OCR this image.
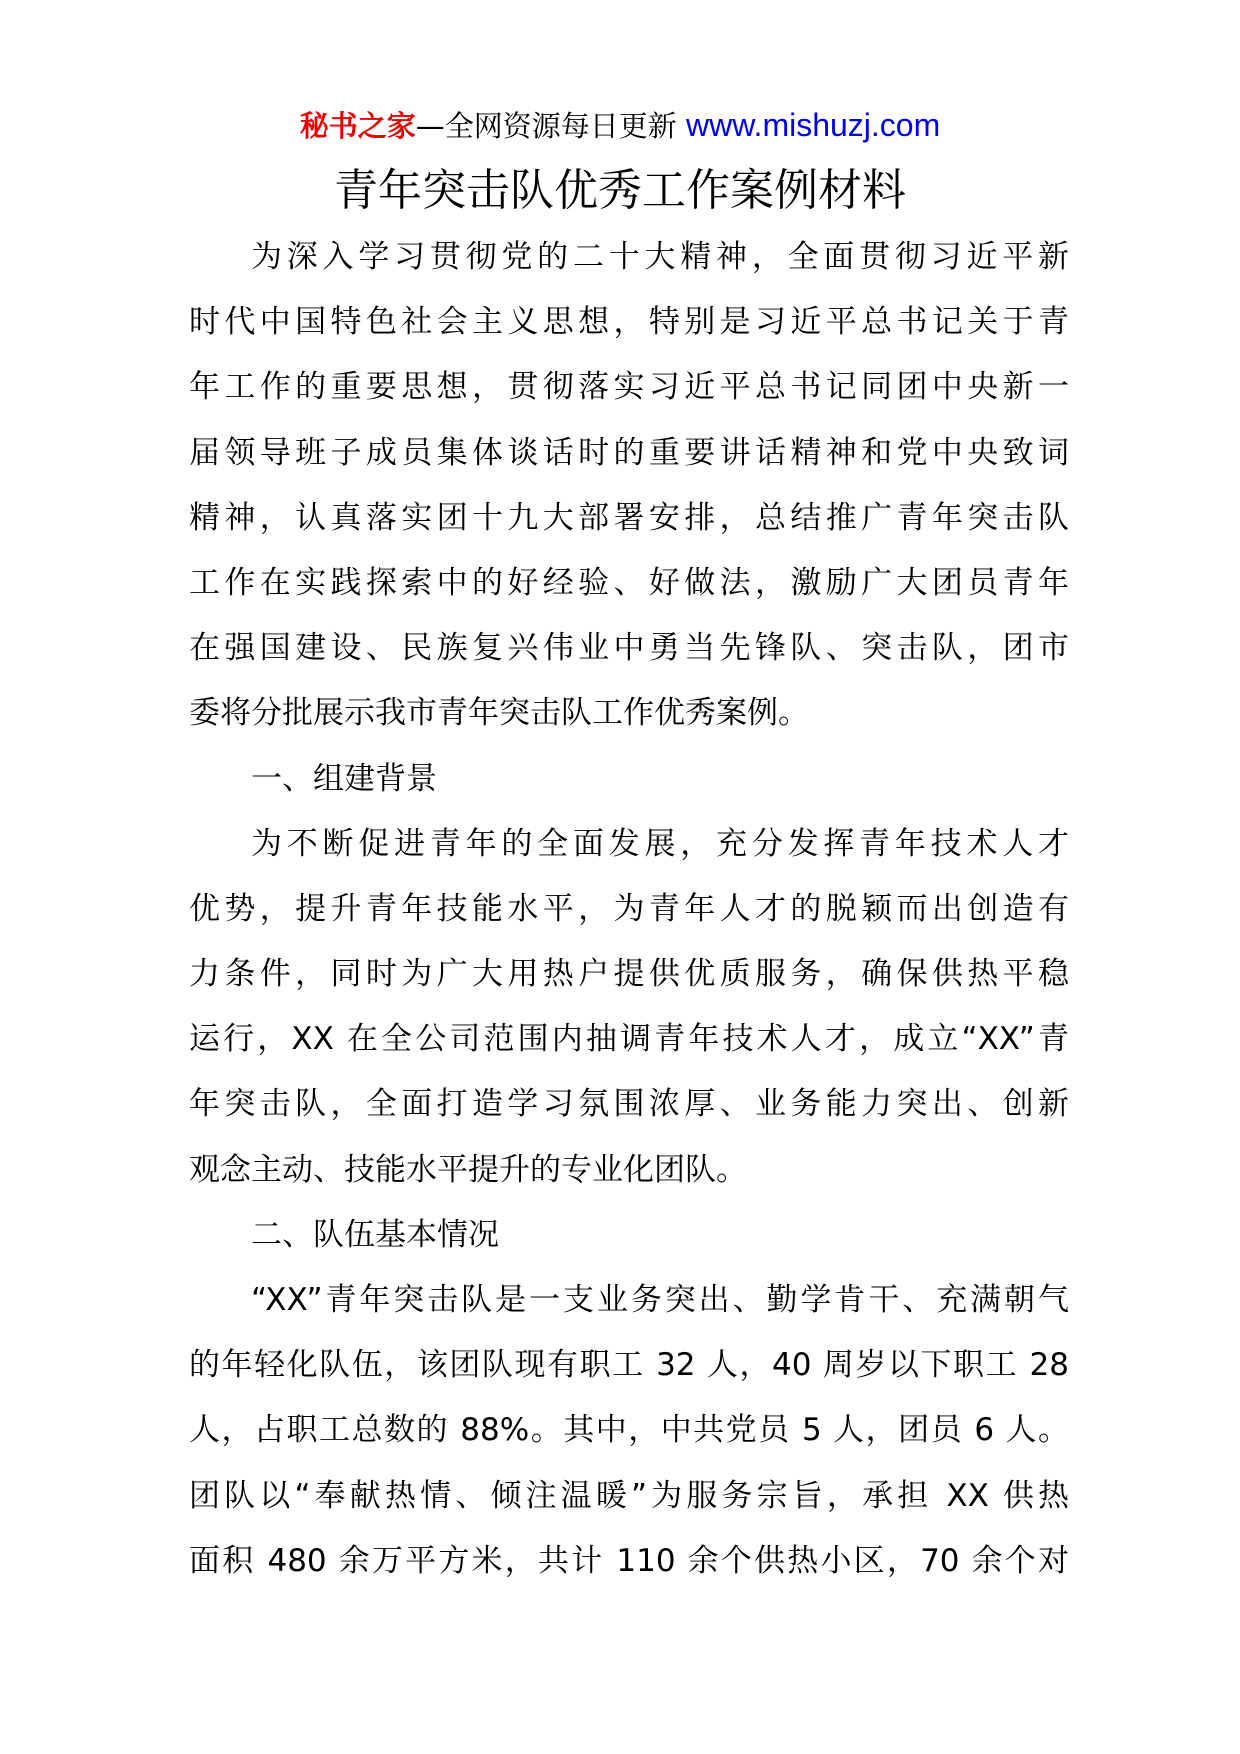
秘书之家—全网资源每日更新 www.mishuzj.com
青年突击队优秀工作案例材料
为深入学习贯彻党的二十大精神，全面贯彻习近平新
时代中国特色社会主义思想，特别是习近平总书记关于青
年工作的重要思想，贯彻落实习近平总书记同团中央新一
届领导班子成员集体谈话时的重要讲话精神和党中央致词
精神，认真落实团十九大部署安排，总结推广青年突击队
工作在实践探索中的好经验、好做法，激励广大团员青年
在强国建设、民族复兴伟业中勇当先锋队、突击队，团市
委将分批展示我市青年突击队工作优秀案例。
一、组建背景
为不断促进青年的全面发展，充分发挥青年技术人才
优势，提升青年技能水平，为青年人才的脱颖而出创造有
力条件，同时为广大用热户提供优质服务，确保供热平稳
运行，XX 在全公司范围内抽调青年技术人才，成立“XX”青
年突击队，全面打造学习氛围浓厚、业务能力突出、创新
观念主动、技能水平提升的专业化团队。
二、队伍基本情况
“XX”青年突击队是一支业务突出、勤学肯干、充满朝气
的年轻化队伍，该团队现有职工 32 人，40 周岁以下职工 28
人，占职工总数的 88%。其中，中共党员 5 人，团员 6 人。
团队以“奉献热情、倾注温暖”为服务宗旨，承担 XX 供热
面积 480 余万平方米，共计 110 余个供热小区，70 余个对
